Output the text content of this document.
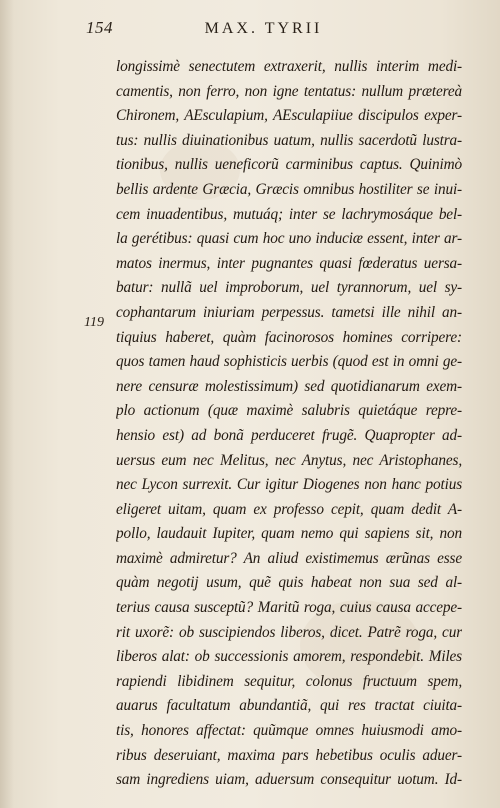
154	MAX. TYRII
119
longissimè senectutem extraxerit, nullis interim medi-
camentis, non ferro, non igne tentatus: nullum prætereà
Chironem, AEsculapium, AEsculapiiue discipulos exper-
tus: nullis diuinationibus uatum, nullis sacerdotũ lustra-
tionibus, nullis ueneficorũ carminibus captus. Quinimò
bellis ardente Græcia, Græcis omnibus hostiliter se inui-
cem inuadentibus, mutuáq; inter se lachrymosáque bel-
la gerétibus: quasi cum hoc uno induciæ essent, inter ar-
matos inermus, inter pugnantes quasi fœderatus uersa-
batur: nullã uel improborum, uel tyrannorum, uel sy-
cophantarum iniuriam perpessus. tametsi ille nihil an-
tiquius haberet, quàm facinorosos homines corripere:
quos tamen haud sophisticis uerbis (quod est in omni ge-
nere censuræ molestissimum) sed quotidianarum exem-
plo actionum (quæ maximè salubris quietáque repre-
hensio est) ad bonã perduceret frugẽ. Quapropter ad-
uersus eum nec Melitus, nec Anytus, nec Aristophanes,
nec Lycon surrexit. Cur igitur Diogenes non hanc potius
eligeret uitam, quam ex professo cepit, quam dedit A-
pollo, laudauit Iupiter, quam nemo qui sapiens sit, non
maximè admiretur? An aliud existimemus ærũnas esse
quàm negotij usum, quẽ quis habeat non sua sed al-
terius causa susceptũ? Maritũ roga, cuius causa accepe-
rit uxorẽ: ob suscipiendos liberos, dicet. Patrẽ roga, cur
liberos alat: ob successionis amorem, respondebit. Miles
rapiendi libidinem sequitur, colonus fructuum spem,
auarus facultatum abundantiã, qui res tractat ciuita-
tis, honores affectat: quũmque omnes huiusmodi amo-
ribus deseruiant, maxima pars hebetibus oculis aduer-
sam ingrediens uiam, aduersum consequitur uotum. Id-
